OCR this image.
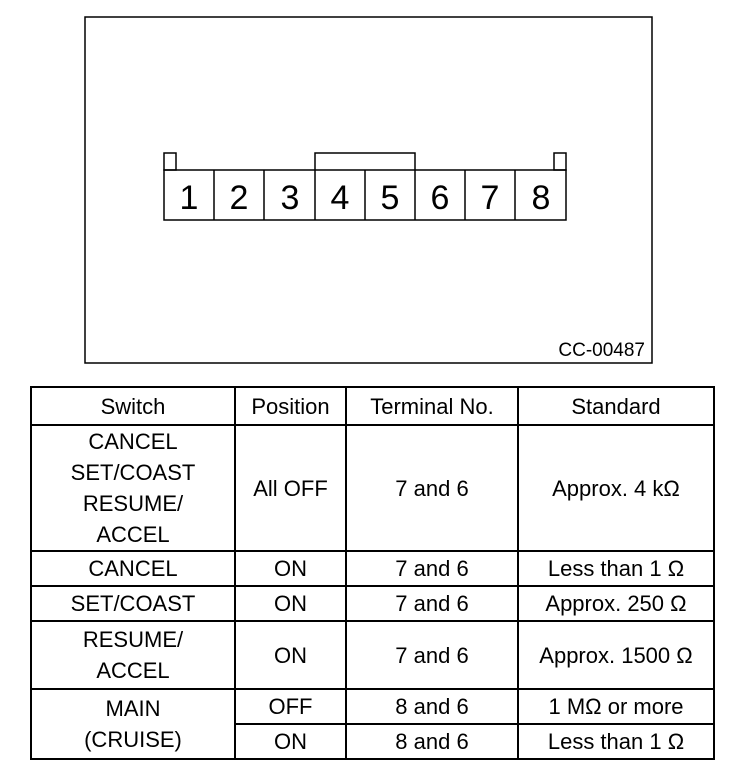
1 2 3 4 5 6 7 8
CC-00487
Switch	Position	Terminal No.	Standard
CANCEL
SET/COAST
RESUME/
ACCEL	All OFF	7 and 6	Approx. 4 kΩ
CANCEL	ON	7 and 6	Less than 1 Ω
SET/COAST	ON	7 and 6	Approx. 250 Ω
RESUME/
ACCEL	ON	7 and 6	Approx. 1500 Ω
MAIN
(CRUISE)	OFF	8 and 6	1 MΩ or more
	ON	8 and 6	Less than 1 Ω
